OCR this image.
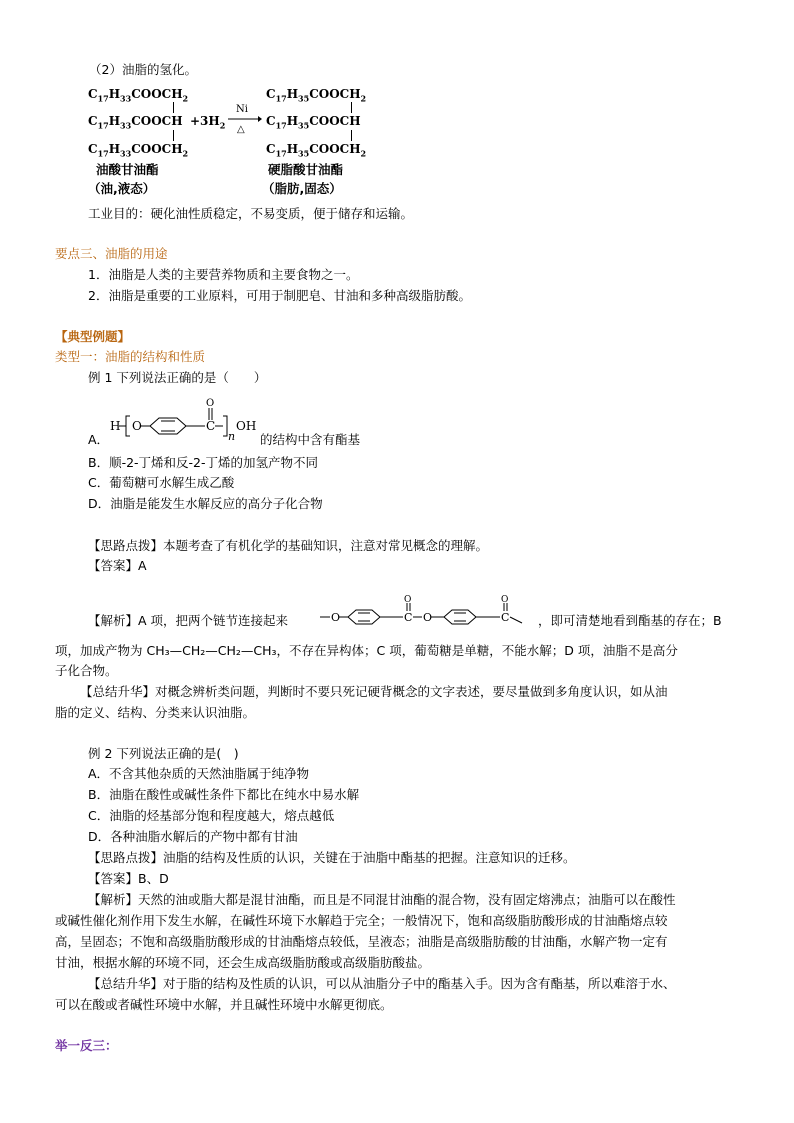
（2）油脂的氢化。
$C_{17}H_{33}COOCH_2$
$C_{17}H_{33}COOCH$
$C_{17}H_{33}COOCH_2$
$+3H_2$
Ni
△
$C_{17}H_{35}COOCH_2$
$C_{17}H_{35}COOCH$
$C_{17}H_{35}COOCH_2$
油酸甘油酯
（油,液态）
硬脂酸甘油酯
（脂肪,固态）
工业目的：硬化油性质稳定，不易变质，便于储存和运输。
要点三、油脂的用途
1．油脂是人类的主要营养物质和主要食物之一。
2．油脂是重要的工业原料，可用于制肥皂、甘油和多种高级脂肪酸。
【典型例题】
类型一：油脂的结构和性质
例 1 下列说法正确的是（　　）
A．
H O	C
O
n
OH
的结构中含有酯基
B．顺-2-丁烯和反-2-丁烯的加氢产物不同
C．葡萄糖可水解生成乙酸
D．油脂是能发生水解反应的高分子化合物
【思路点拨】本题考查了有机化学的基础知识，注意对常见概念的理解。
【答案】A
【解析】A 项，把两个链节连接起来	O	C
O
O	C
O
，即可清楚地看到酯基的存在；B
项，加成产物为 CH₃—CH₂—CH₂—CH₃，不存在异构体；C 项，葡萄糖是单糖，不能水解；D 项，油脂不是高分
子化合物。
【总结升华】对概念辨析类问题，判断时不要只死记硬背概念的文字表述，要尽量做到多角度认识，如从油
脂的定义、结构、分类来认识油脂。
例 2 下列说法正确的是(　)
A．不含其他杂质的天然油脂属于纯净物
B．油脂在酸性或碱性条件下都比在纯水中易水解
C．油脂的烃基部分饱和程度越大，熔点越低
D．各种油脂水解后的产物中都有甘油
【思路点拨】油脂的结构及性质的认识，关键在于油脂中酯基的把握。注意知识的迁移。
【答案】B、D
【解析】天然的油或脂大都是混甘油酯，而且是不同混甘油酯的混合物，没有固定熔沸点；油脂可以在酸性
或碱性催化剂作用下发生水解，在碱性环境下水解趋于完全；一般情况下，饱和高级脂肪酸形成的甘油酯熔点较
高，呈固态；不饱和高级脂肪酸形成的甘油酯熔点较低，呈液态；油脂是高级脂肪酸的甘油酯，水解产物一定有
甘油，根据水解的环境不同，还会生成高级脂肪酸或高级脂肪酸盐。
【总结升华】对于脂的结构及性质的认识，可以从油脂分子中的酯基入手。因为含有酯基，所以难溶于水、
可以在酸或者碱性环境中水解，并且碱性环境中水解更彻底。
举一反三：
